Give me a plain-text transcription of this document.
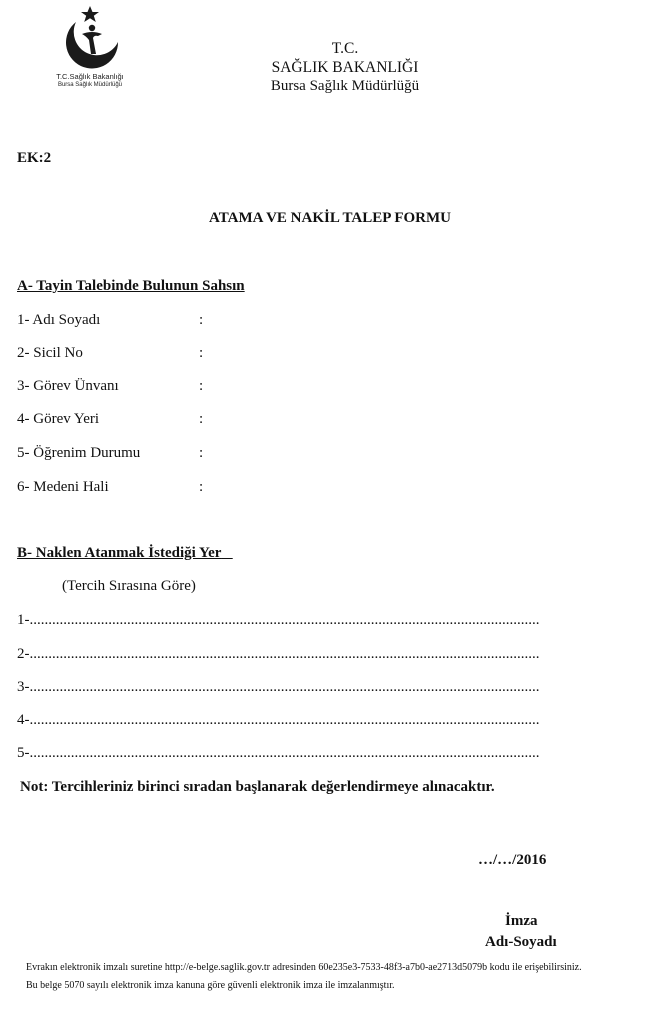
T.C.Sağlık Bakanlığı
Bursa Sağlık Müdürlüğü
T.C.
SAĞLIK BAKANLIĞI
Bursa Sağlık Müdürlüğü
EK:2
ATAMA VE NAKİL TALEP FORMU
A- Tayin Talebinde Bulunun Sahsın
1- Adı Soyadı	:
2- Sicil No	:
3- Görev Ünvanı	:
4- Görev Yeri	:
5- Öğrenim Durumu	:
6- Medeni Hali	:
B- Naklen Atanmak İstediği Yer
(Tercih Sırasına Göre)
1-........................................................................................................................................
2-........................................................................................................................................
3-........................................................................................................................................
4-........................................................................................................................................
5-........................................................................................................................................
Not: Tercihleriniz birinci sıradan başlanarak değerlendirmeye alınacaktır.
…/…/2016
İmza
Adı-Soyadı
Evrakın elektronik imzalı suretine http://e-belge.saglik.gov.tr adresinden 60e235e3-7533-48f3-a7b0-ae2713d5079b kodu ile erişebilirsiniz.
Bu belge 5070 sayılı elektronik imza kanuna göre güvenli elektronik imza ile imzalanmıştır.
